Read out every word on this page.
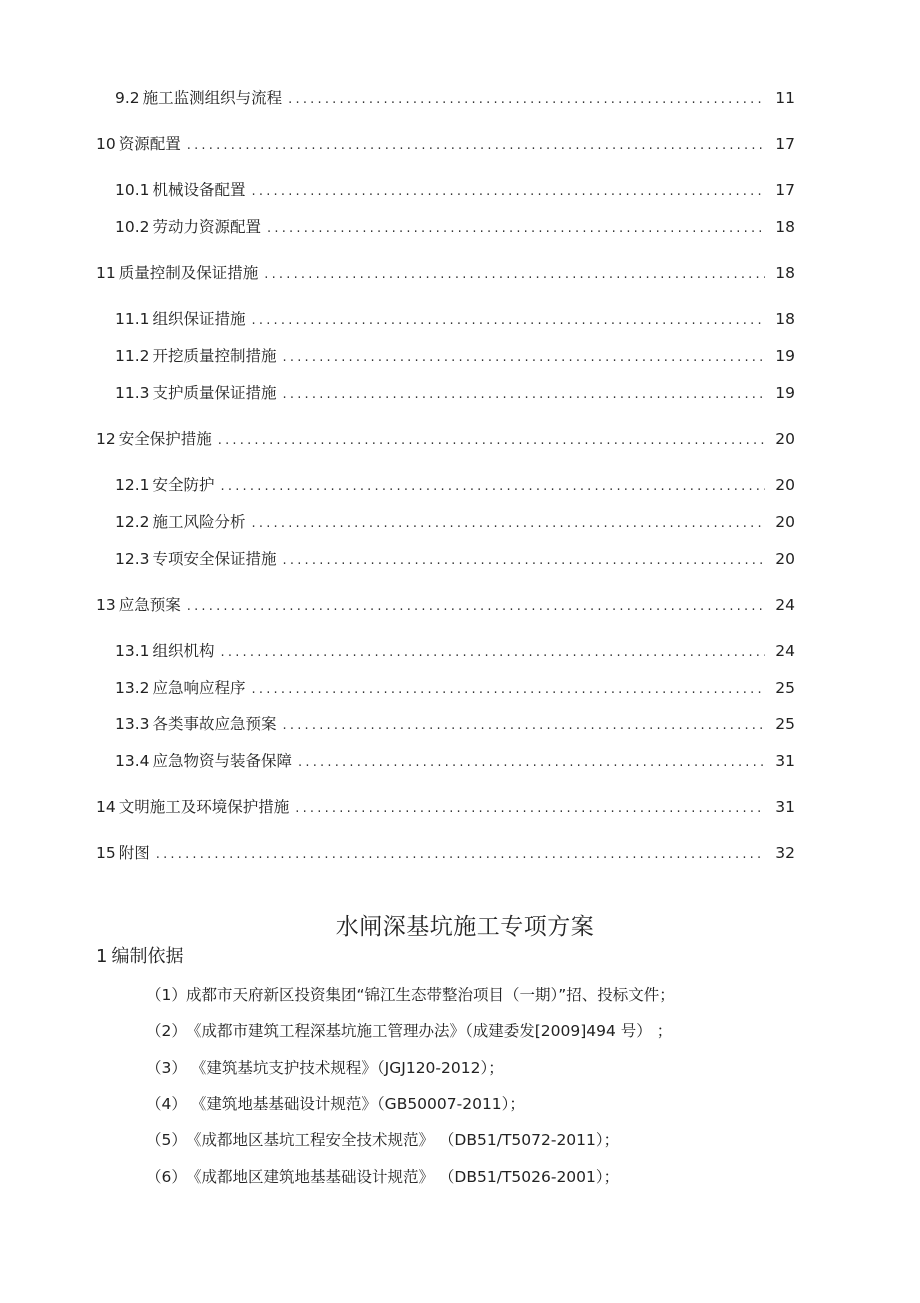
9.2 施工监测组织与流程 .....	11
10 资源配置 .....	17
10.1 机械设备配置 .....	17
10.2 劳动力资源配置 .....	18
11 质量控制及保证措施 .....	18
11.1 组织保证措施 .....	18
11.2 开挖质量控制措施 .....	19
11.3 支护质量保证措施 .....	19
12 安全保护措施 .....	20
12.1 安全防护 .....	20
12.2 施工风险分析 .....	20
12.3 专项安全保证措施 .....	20
13 应急预案 .....	24
13.1 组织机构 .....	24
13.2 应急响应程序 .....	25
13.3 各类事故应急预案 .....	25
13.4 应急物资与装备保障 .....	31
14 文明施工及环境保护措施 .....	31
15 附图 .....	32
水闸深基坑施工专项方案
1 编制依据
（1）成都市天府新区投资集团“锦江生态带整治项目（一期）”招、投标文件；
（2）《成都市建筑工程深基坑施工管理办法》（成建委发[2009]494 号） ；
（3） 《建筑基坑支护技术规程》（JGJ120-2012）；
（4） 《建筑地基基础设计规范》（GB50007-2011）；
（5）《成都地区基坑工程安全技术规范》 （DB51/T5072-2011）；
（6）《成都地区建筑地基基础设计规范》 （DB51/T5026-2001）；
